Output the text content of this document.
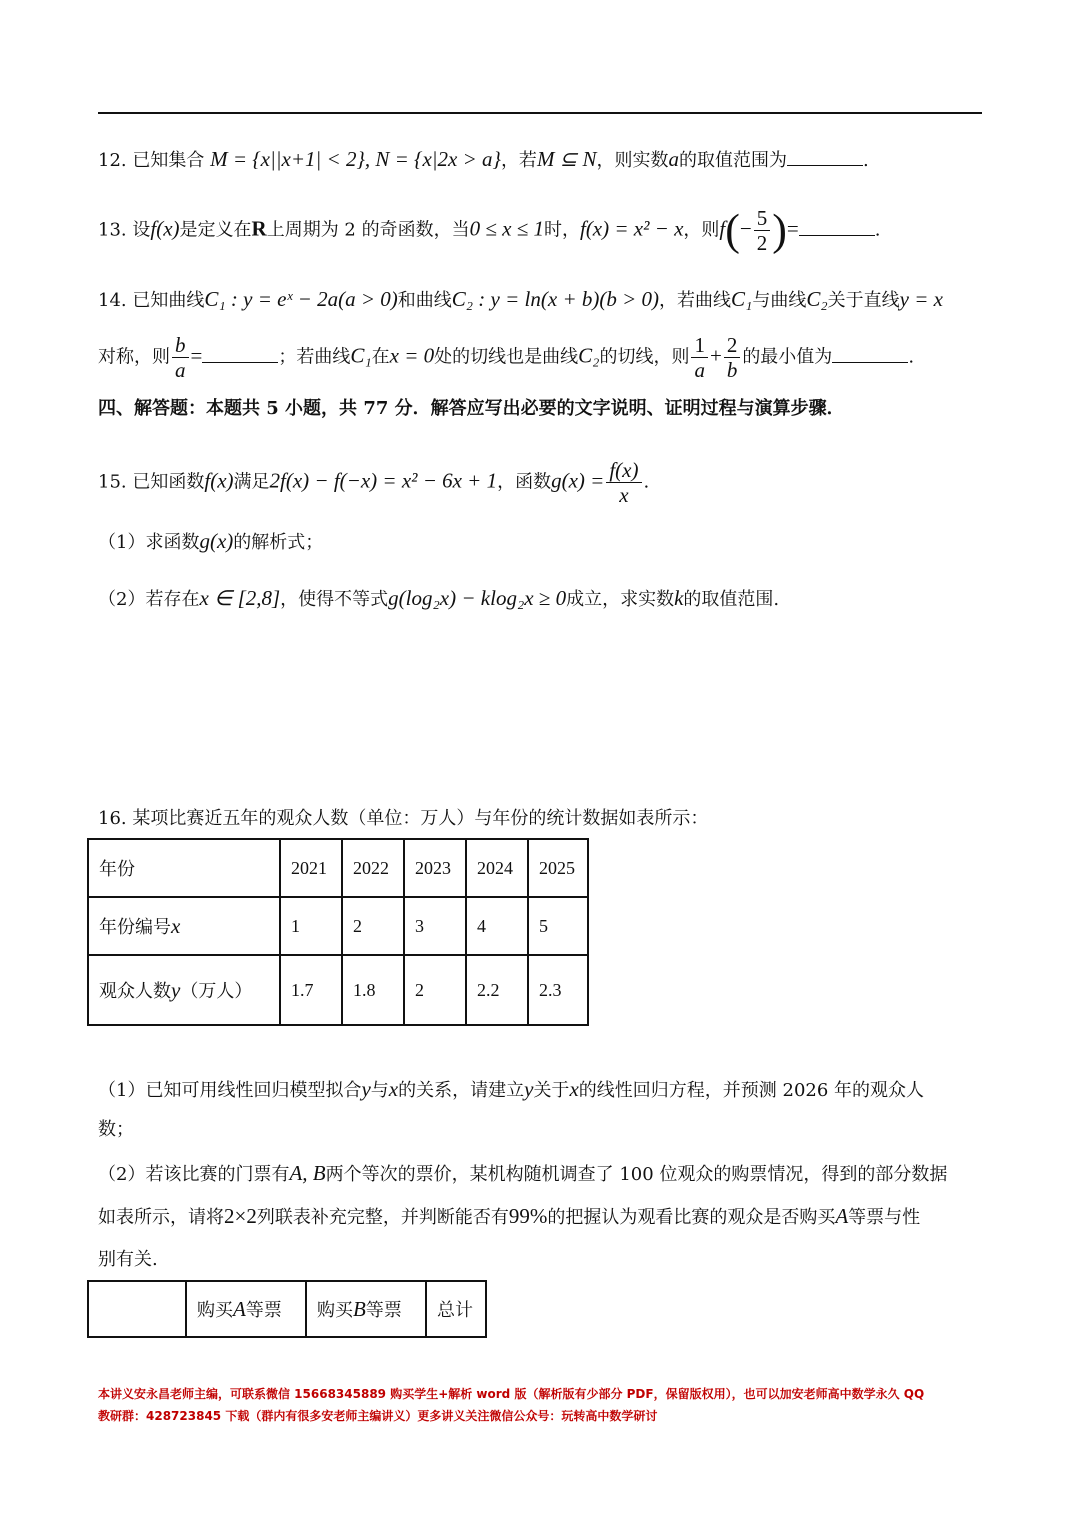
12. 已知集合 M = {x||x+1| < 2}, N = {x|2x > a}，若M ⊆ N，则实数a的取值范围为	.
13. 设f(x)是定义在R上周期为 2 的奇函数，当0 ≤ x ≤ 1时，f(x) = x² − x，则$f(- \frac{5}{2}$ )=	.
14. 已知曲线C₁ : y = eˣ − 2a(a > 0)和曲线C₂ : y = ln(x + b)(b > 0)，若曲线C₁与曲线C₂关于直线y = x
对称，则 $\frac{b}{a}$ =	；若曲线C₁在x = 0处的切线也是曲线C₂的切线，则 $\frac{1}{a} + \frac{2}{b}$ 的最小值为	.
四、解答题：本题共 5 小题，共 77 分．解答应写出必要的文字说明、证明过程与演算步骤．
15. 已知函数f(x)满足2f(x) − f(−x) = x² − 6x + 1，函数$g(x) = \frac{f(x)}{x}$ .
（1）求函数g(x)的解析式；
（2）若存在x ∈ [2,8]，使得不等式g(log₂x) − klog₂x ≥ 0成立，求实数k的取值范围.
16. 某项比赛近五年的观众人数（单位：万人）与年份的统计数据如表所示：
年份	2021	2022	2023	2024	2025
年份编号x	1	2	3	4	5
观众人数y（万人）	1.7	1.8	2	2.2	2.3
（1）已知可用线性回归模型拟合y与x的关系，请建立y关于x的线性回归方程，并预测 2026 年的观众人
数；
（2）若该比赛的门票有A, B两个等次的票价，某机构随机调查了 100 位观众的购票情况，得到的部分数据
如表所示，请将2×2列联表补充完整，并判断能否有99%的把握认为观看比赛的观众是否购买A等票与性
别有关.
	购买A等票	购买B等票	总计
本讲义安永昌老师主编，可联系微信 15668345889 购买学生+解析 word 版（解析版有少部分 PDF，保留版权用），也可以加安老师高中数学永久 QQ
教研群：428723845 下载（群内有很多安老师主编讲义）更多讲义关注微信公众号：玩转高中数学研讨
